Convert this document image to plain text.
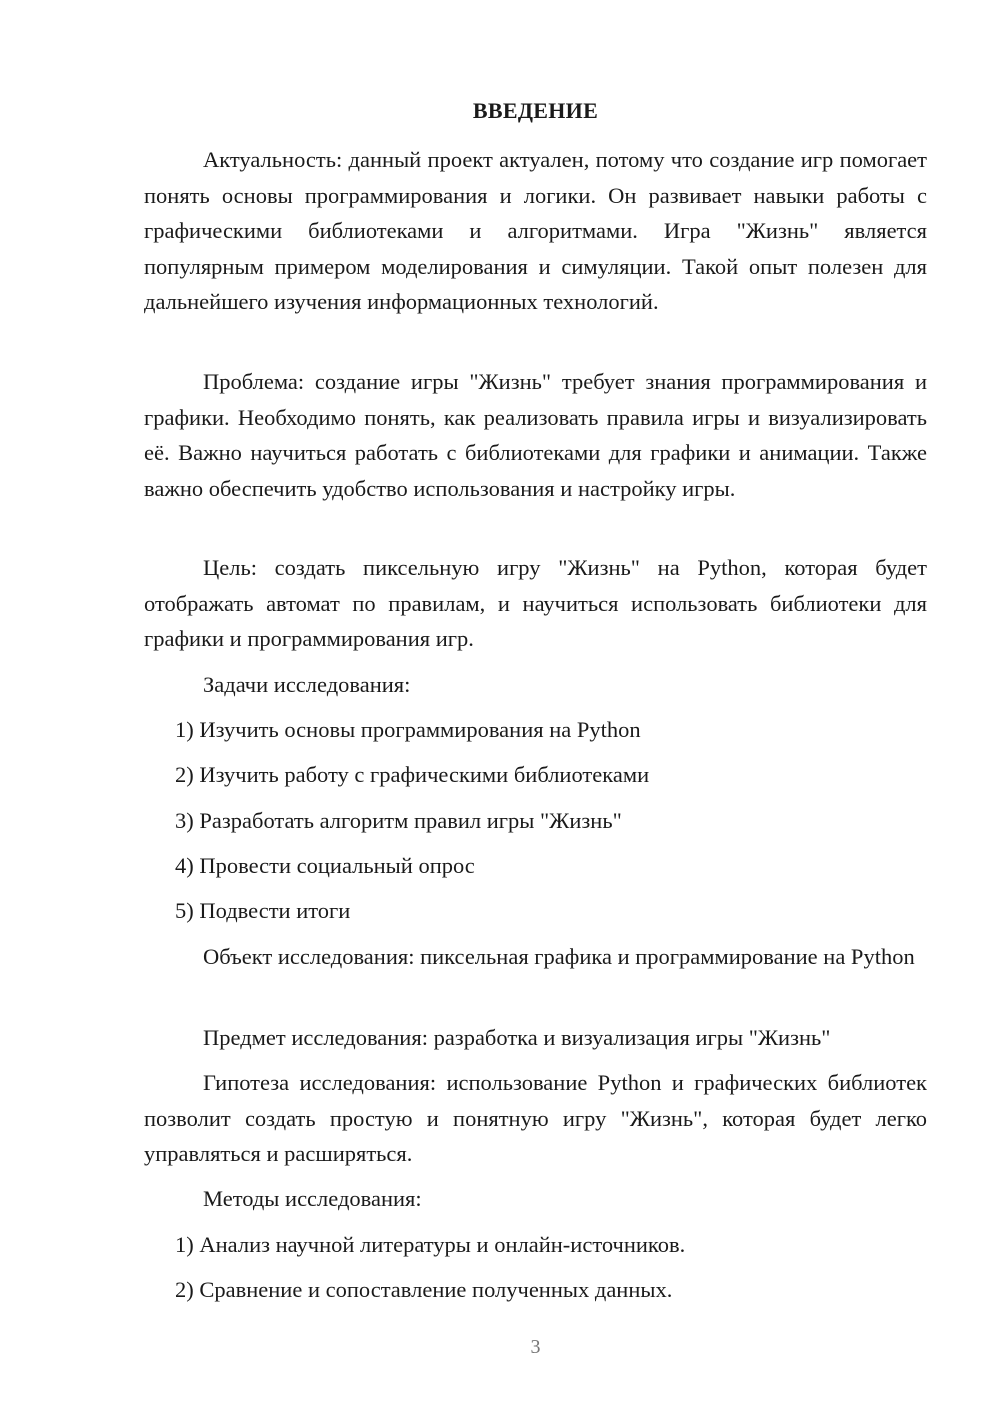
ВВЕДЕНИЕ

Актуальность: данный проект актуален, потому что создание игр помогает понять основы программирования и логики. Он развивает навыки работы с графическими библиотеками и алгоритмами. Игра "Жизнь" является популярным примером моделирования и симуляции. Такой опыт полезен для дальнейшего изучения информационных технологий.

Проблема: создание игры "Жизнь" требует знания программирования и графики. Необходимо понять, как реализовать правила игры и визуализировать её. Важно научиться работать с библиотеками для графики и анимации. Также важно обеспечить удобство использования и настройку игры.

Цель: создать пиксельную игру "Жизнь" на Python, которая будет отображать автомат по правилам, и научиться использовать библиотеки для графики и программирования игр.

Задачи исследования:

1) Изучить основы программирования на Python

2) Изучить работу с графическими библиотеками

3) Разработать алгоритм правил игры "Жизнь"

4) Провести социальный опрос

5) Подвести итоги

Объект исследования: пиксельная графика и программирование на Python

Предмет исследования: разработка и визуализация игры "Жизнь"

Гипотеза исследования: использование Python и графических библиотек позволит создать простую и понятную игру "Жизнь", которая будет легко управляться и расширяться.

Методы исследования:

1) Анализ научной литературы и онлайн-источников.

2) Сравнение и сопоставление полученных данных.

3
